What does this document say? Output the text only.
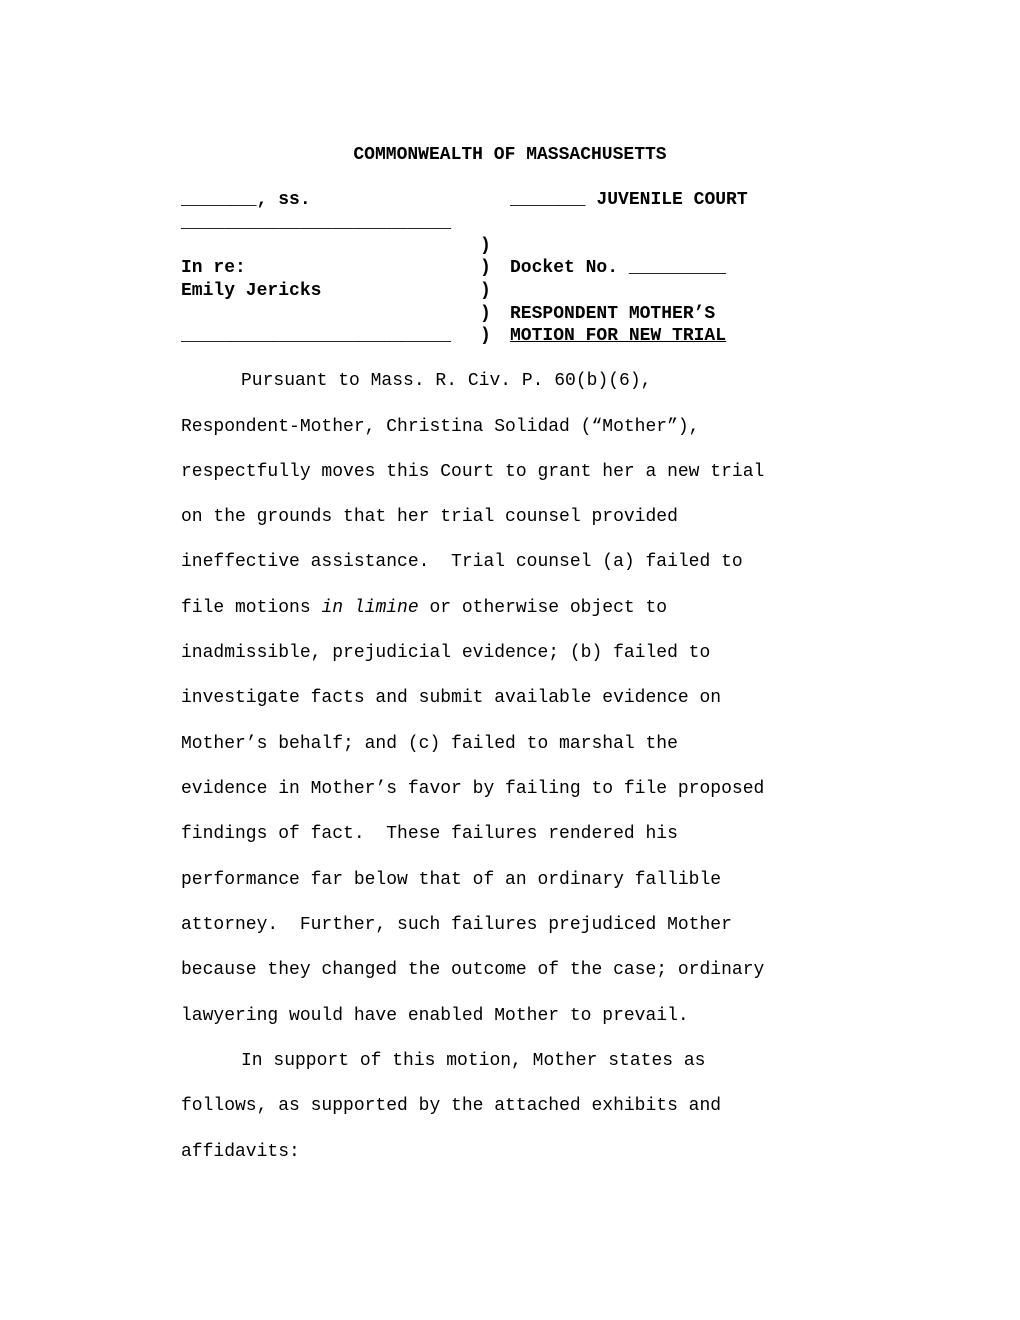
COMMONWEALTH OF MASSACHUSETTS
_______, ss.	_______ JUVENILE COURT
_________________________
)
)
)
)
)
In re:
Emily Jericks
_________________________
Docket No. _________
RESPONDENT MOTHER’S
MOTION FOR NEW TRIAL
Pursuant to Mass. R. Civ. P. 60(b)(6),
Respondent-Mother, Christina Solidad (“Mother”),
respectfully moves this Court to grant her a new trial
on the grounds that her trial counsel provided
ineffective assistance.  Trial counsel (a) failed to
file motions in limine or otherwise object to
inadmissible, prejudicial evidence; (b) failed to
investigate facts and submit available evidence on
Mother’s behalf; and (c) failed to marshal the
evidence in Mother’s favor by failing to file proposed
findings of fact.  These failures rendered his
performance far below that of an ordinary fallible
attorney.  Further, such failures prejudiced Mother
because they changed the outcome of the case; ordinary
lawyering would have enabled Mother to prevail.
In support of this motion, Mother states as
follows, as supported by the attached exhibits and
affidavits:
